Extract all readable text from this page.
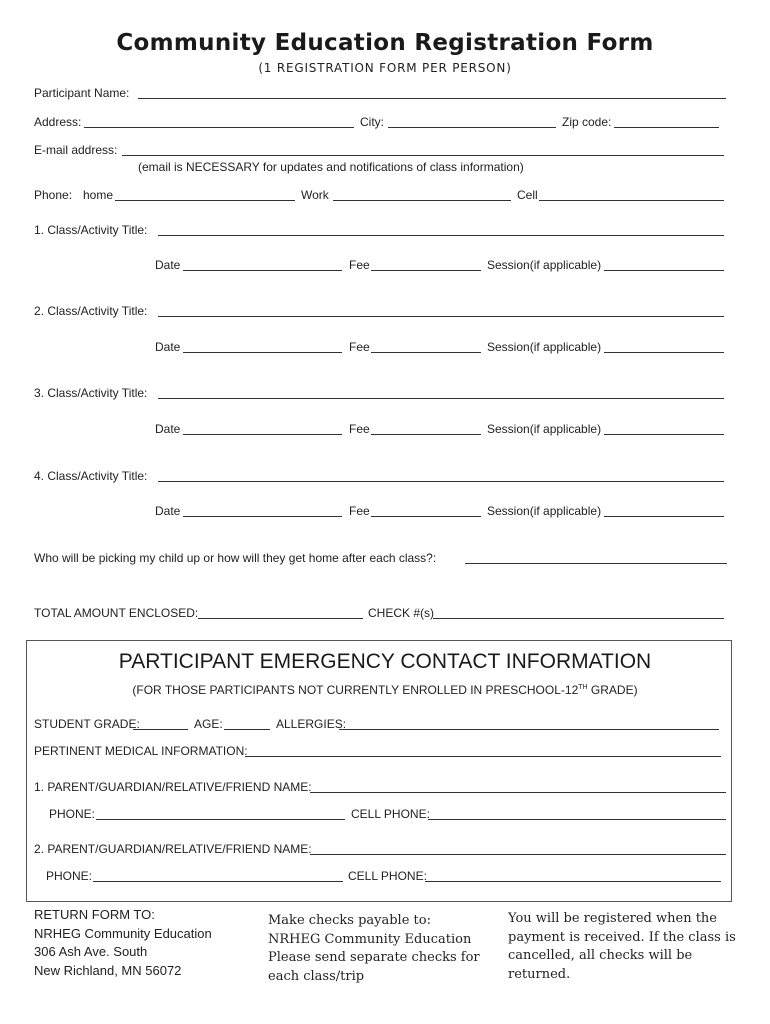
Community Education Registration Form
(1 REGISTRATION FORM PER PERSON)
Participant Name:
Address:	City:	Zip code:
E-mail address:
(email is NECESSARY for updates and notifications of class information)
Phone: home	Work	Cell
1. Class/Activity Title:
Date	Fee	Session(if applicable)
2. Class/Activity Title:
Date	Fee	Session(if applicable)
3. Class/Activity Title:
Date	Fee	Session(if applicable)
4. Class/Activity Title:
Date	Fee	Session(if applicable)
Who will be picking my child up or how will they get home after each class?:
TOTAL AMOUNT ENCLOSED:	CHECK #(s)
PARTICIPANT EMERGENCY CONTACT INFORMATION
(FOR THOSE PARTICIPANTS NOT CURRENTLY ENROLLED IN PRESCHOOL-12TH GRADE)
STUDENT GRADE:	AGE:	ALLERGIES:
PERTINENT MEDICAL INFORMATION:
1. PARENT/GUARDIAN/RELATIVE/FRIEND NAME:
PHONE:	CELL PHONE:
2. PARENT/GUARDIAN/RELATIVE/FRIEND NAME:
PHONE:	CELL PHONE:
RETURN FORM TO:
NRHEG Community Education
306 Ash Ave. South
New Richland, MN 56072
Make checks payable to:
NRHEG Community Education
Please send separate checks for
each class/trip
You will be registered when the
payment is received. If the class is
cancelled, all checks will be
returned.
